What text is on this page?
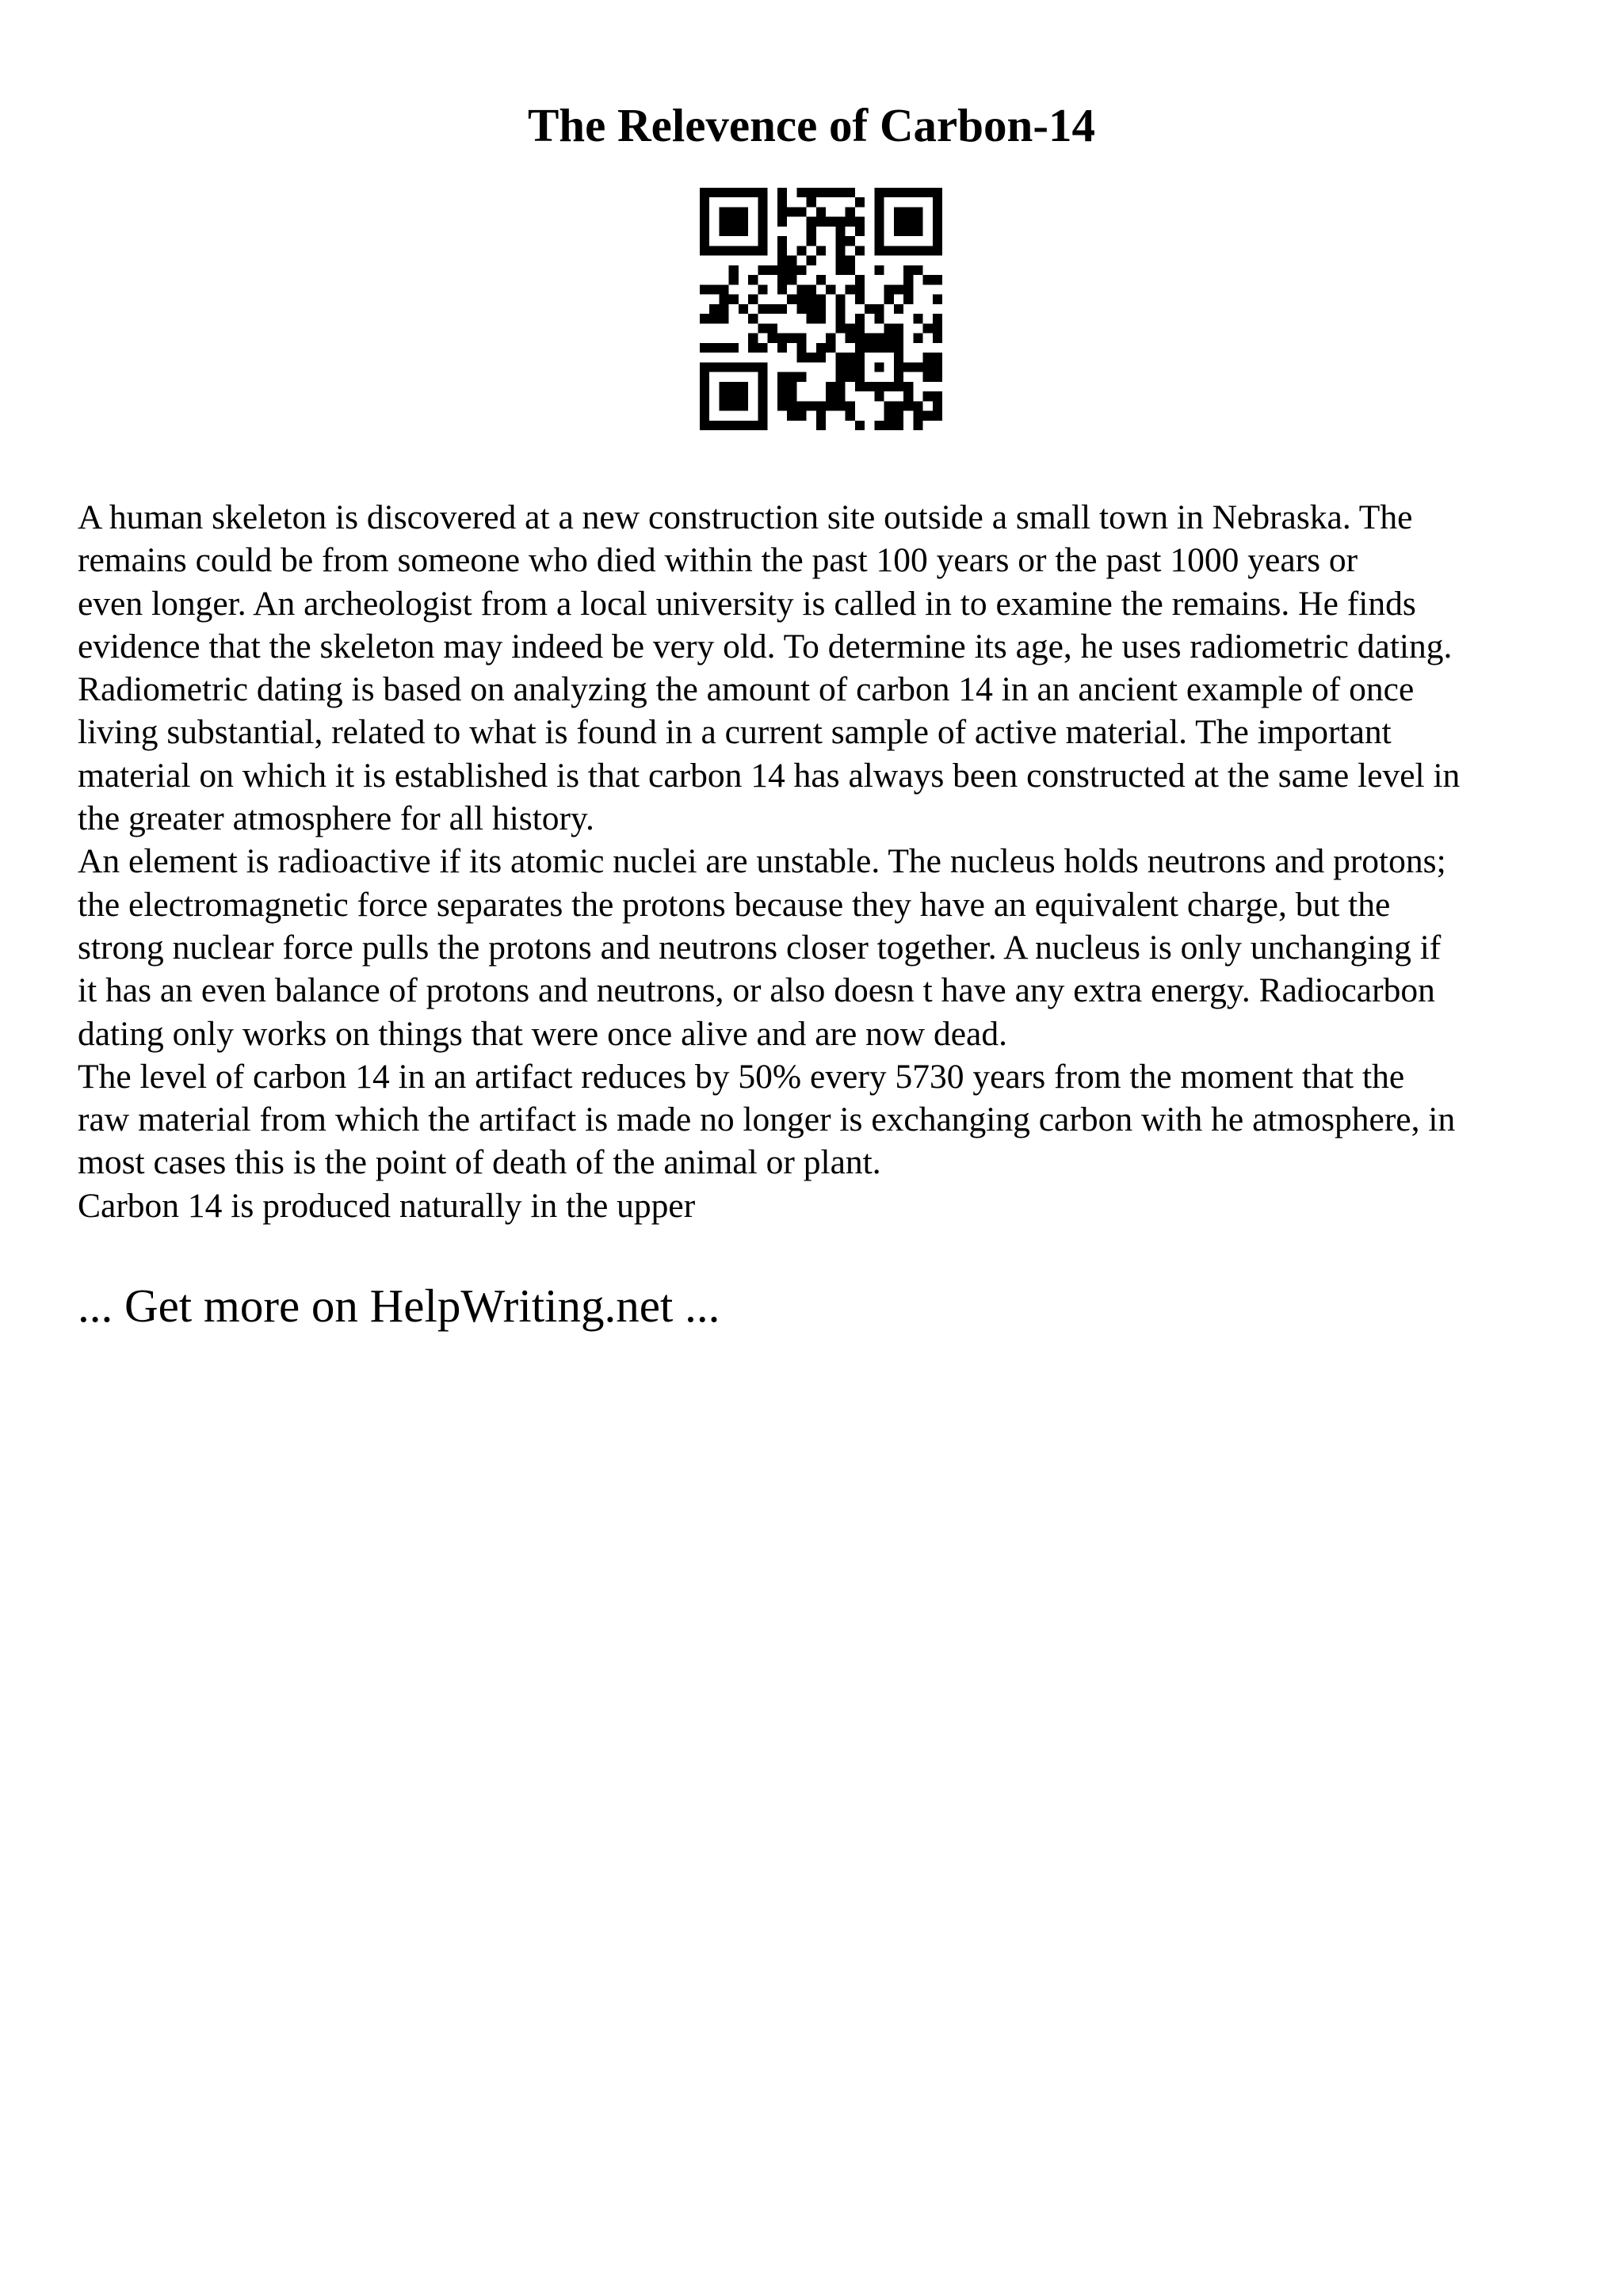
The Relevence of Carbon-14

A human skeleton is discovered at a new construction site outside a small town in Nebraska. The
remains could be from someone who died within the past 100 years or the past 1000 years or
even longer. An archeologist from a local university is called in to examine the remains. He finds
evidence that the skeleton may indeed be very old. To determine its age, he uses radiometric dating.
Radiometric dating is based on analyzing the amount of carbon 14 in an ancient example of once
living substantial, related to what is found in a current sample of active material. The important
material on which it is established is that carbon 14 has always been constructed at the same level in
the greater atmosphere for all history.

An element is radioactive if its atomic nuclei are unstable. The nucleus holds neutrons and protons;
the electromagnetic force separates the protons because they have an equivalent charge, but the
strong nuclear force pulls the protons and neutrons closer together. A nucleus is only unchanging if
it has an even balance of protons and neutrons, or also doesn t have any extra energy. Radiocarbon
dating only works on things that were once alive and are now dead.

The level of carbon 14 in an artifact reduces by 50% every 5730 years from the moment that the
raw material from which the artifact is made no longer is exchanging carbon with he atmosphere, in
most cases this is the point of death of the animal or plant.

Carbon 14 is produced naturally in the upper

... Get more on HelpWriting.net ...
